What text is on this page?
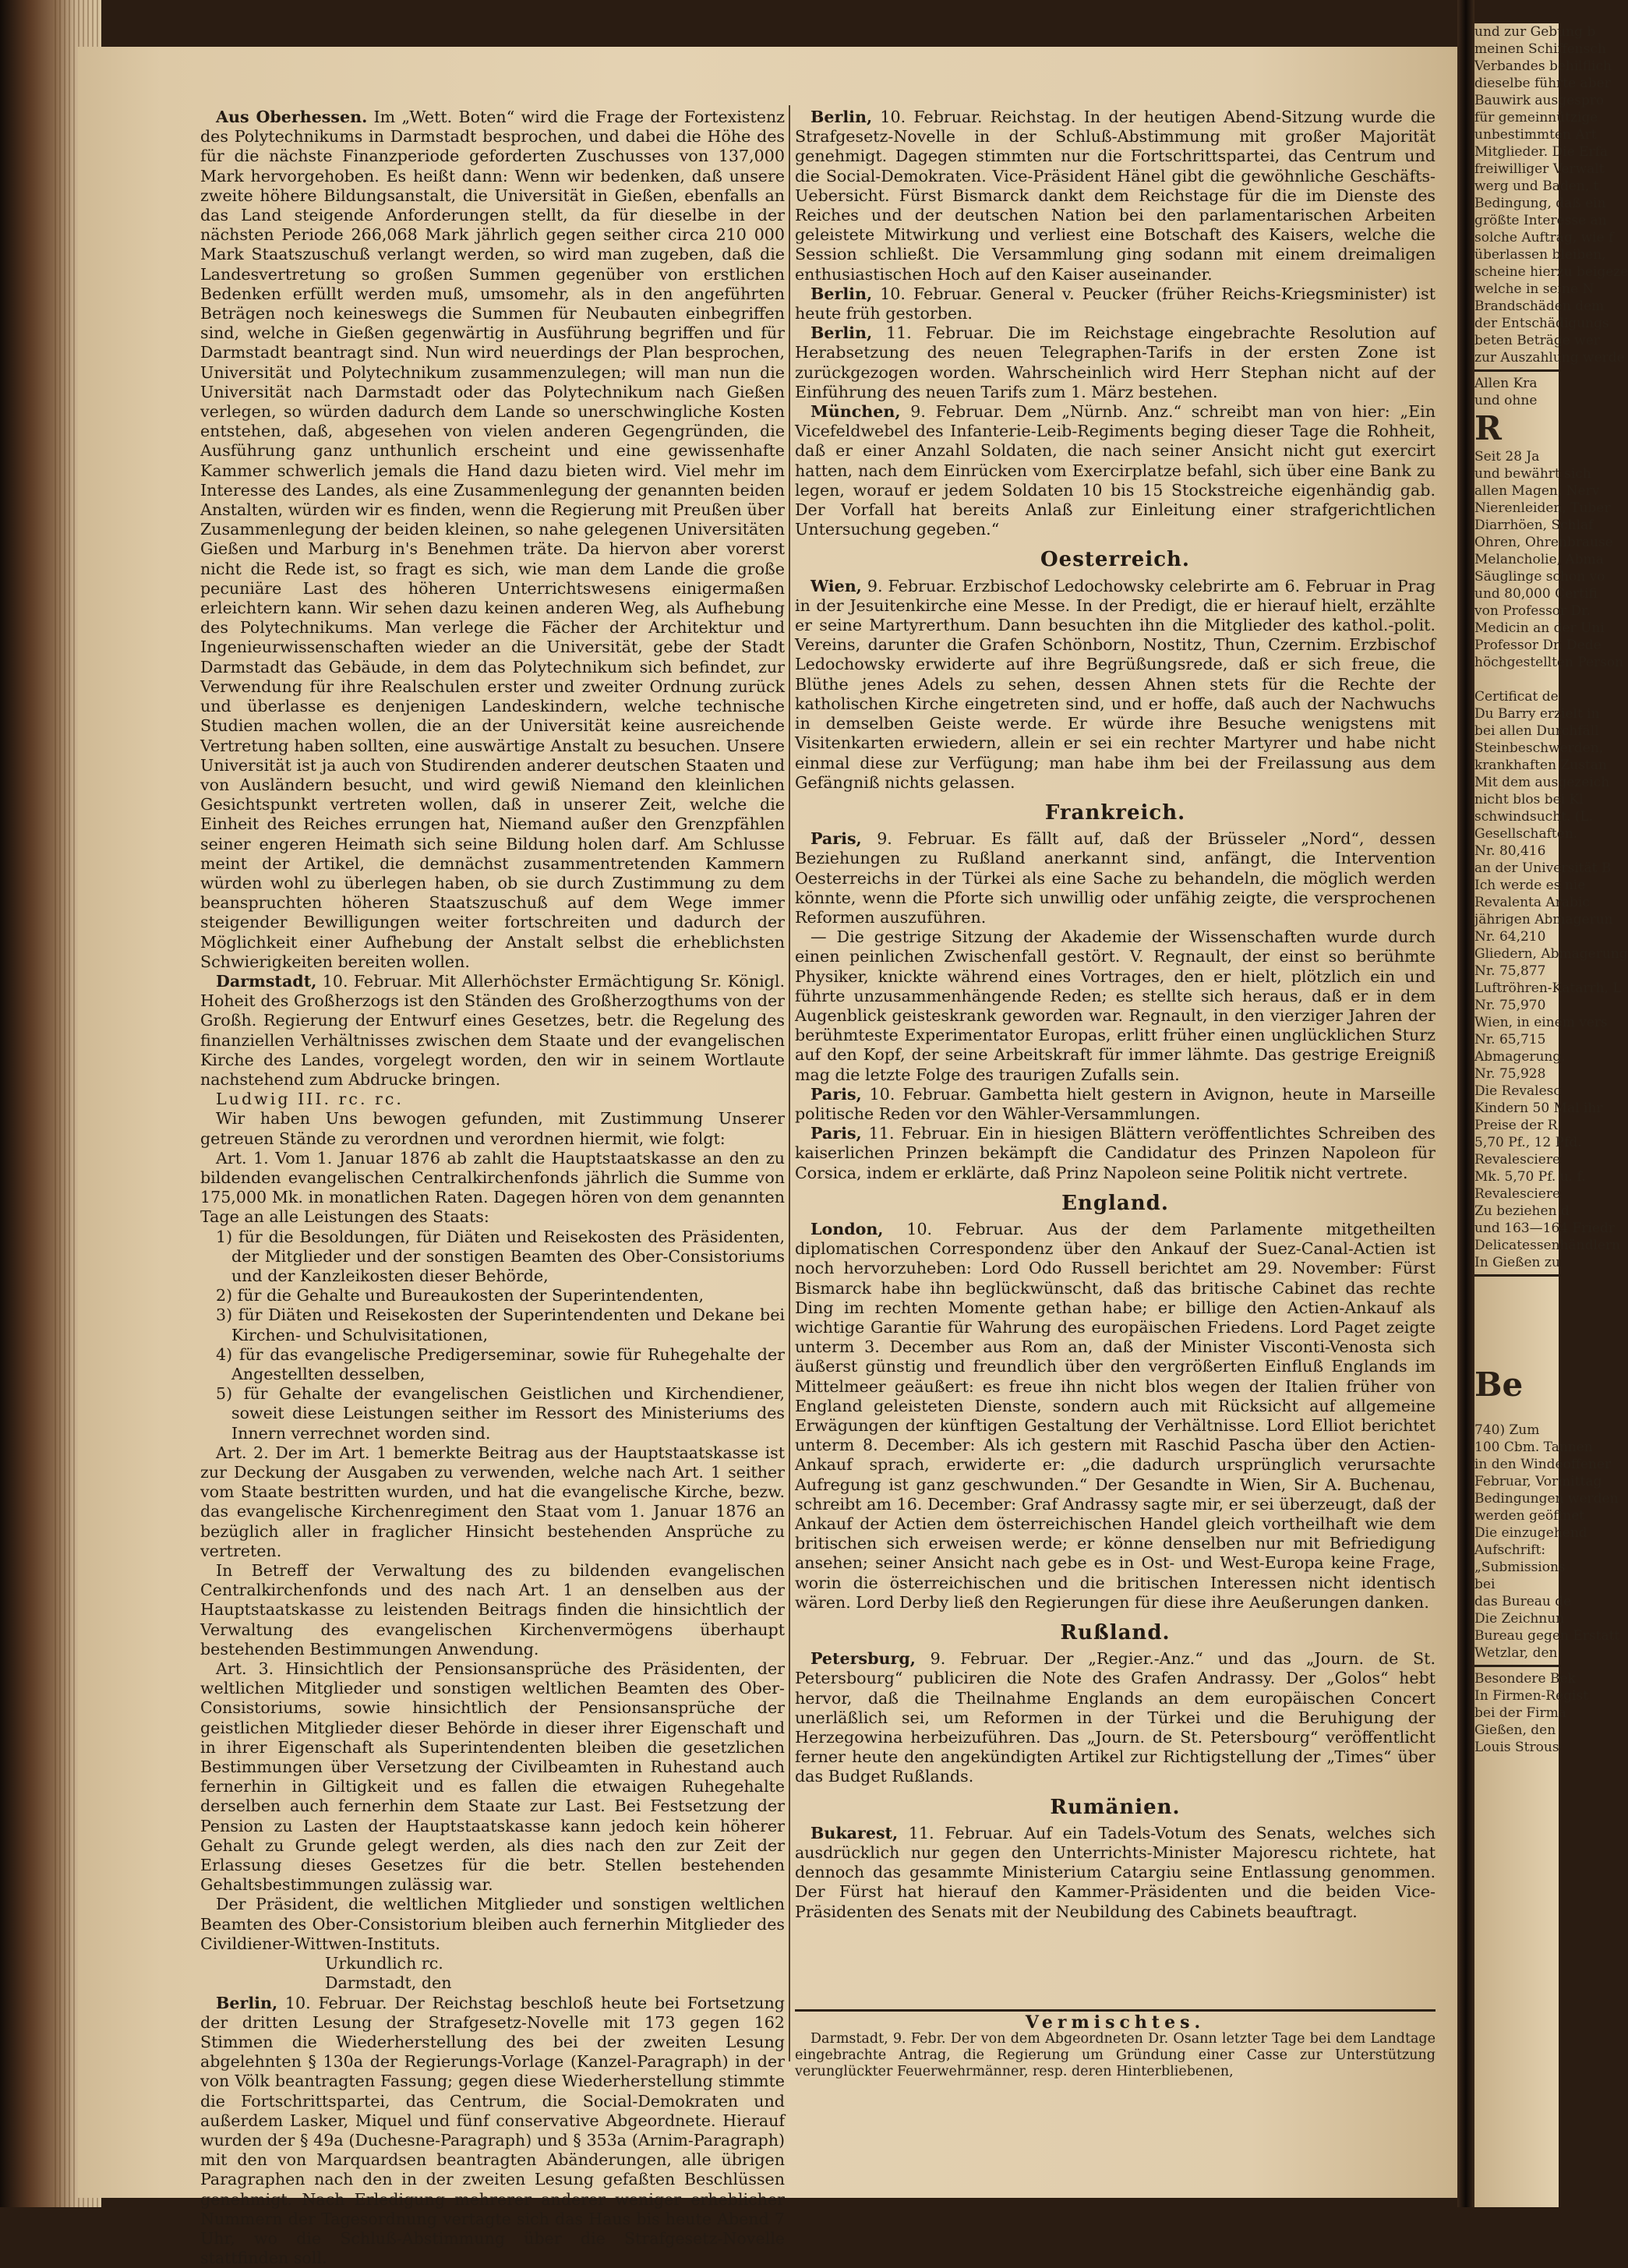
Aus Oberhessen. Im „Wett. Boten“ wird die Frage der Fortexistenz des Polytechnikums in Darmstadt besprochen, und dabei die Höhe des für die nächste Finanzperiode geforderten Zuschusses von 137,000 Mark hervorgehoben. Es heißt dann: Wenn wir bedenken, daß unsere zweite höhere Bildungsanstalt, die Universität in Gießen, ebenfalls an das Land steigende Anforderungen stellt, da für dieselbe in der nächsten Periode 266,068 Mark jährlich gegen seither circa 210 000 Mark Staatszuschuß verlangt werden, so wird man zugeben, daß die Landesvertretung so großen Summen gegenüber von erstlichen Bedenken erfüllt werden muß, umsomehr, als in den angeführten Beträgen noch keineswegs die Summen für Neubauten einbegriffen sind, welche in Gießen gegenwärtig in Ausführung begriffen und für Darmstadt beantragt sind. Nun wird neuerdings der Plan besprochen, Universität und Polytechnikum zusammenzulegen; will man nun die Universität nach Darmstadt oder das Polytechnikum nach Gießen verlegen, so würden dadurch dem Lande so unerschwingliche Kosten entstehen, daß, abgesehen von vielen anderen Gegengründen, die Ausführung ganz unthunlich erscheint und eine gewissenhafte Kammer schwerlich jemals die Hand dazu bieten wird. Viel mehr im Interesse des Landes, als eine Zusammenlegung der genannten beiden Anstalten, würden wir es finden, wenn die Regierung mit Preußen über Zusammenlegung der beiden kleinen, so nahe gelegenen Universitäten Gießen und Marburg in's Benehmen träte. Da hiervon aber vorerst nicht die Rede ist, so fragt es sich, wie man dem Lande die große pecuniäre Last des höheren Unterrichtswesens einigermaßen erleichtern kann. Wir sehen dazu keinen anderen Weg, als Aufhebung des Polytechnikums. Man verlege die Fächer der Architektur und Ingenieurwissenschaften wieder an die Universität, gebe der Stadt Darmstadt das Gebäude, in dem das Polytechnikum sich befindet, zur Verwendung für ihre Realschulen erster und zweiter Ordnung zurück und überlasse es denjenigen Landeskindern, welche technische Studien machen wollen, die an der Universität keine ausreichende Vertretung haben sollten, eine auswärtige Anstalt zu besuchen. Unsere Universität ist ja auch von Studirenden anderer deutschen Staaten und von Ausländern besucht, und wird gewiß Niemand den kleinlichen Gesichtspunkt vertreten wollen, daß in unserer Zeit, welche die Einheit des Reiches errungen hat, Niemand außer den Grenzpfählen seiner engeren Heimath sich seine Bildung holen darf. Am Schlusse meint der Artikel, die demnächst zusammentretenden Kammern würden wohl zu überlegen haben, ob sie durch Zustimmung zu dem beanspruchten höheren Staatszuschuß auf dem Wege immer steigender Bewilligungen weiter fortschreiten und dadurch der Möglichkeit einer Aufhebung der Anstalt selbst die erheblichsten Schwierigkeiten bereiten wollen.

Darmstadt, 10. Februar. Mit Allerhöchster Ermächtigung Sr. Königl. Hoheit des Großherzogs ist den Ständen des Großherzogthums von der Großh. Regierung der Entwurf eines Gesetzes, betr. die Regelung des finanziellen Verhältnisses zwischen dem Staate und der evangelischen Kirche des Landes, vorgelegt worden, den wir in seinem Wortlaute nachstehend zum Abdrucke bringen.

Ludwig III. rc. rc.

Wir haben Uns bewogen gefunden, mit Zustimmung Unserer getreuen Stände zu verordnen und verordnen hiermit, wie folgt:

Art. 1. Vom 1. Januar 1876 ab zahlt die Hauptstaatskasse an den zu bildenden evangelischen Centralkirchenfonds jährlich die Summe von 175,000 Mk. in monatlichen Raten. Dagegen hören von dem genannten Tage an alle Leistungen des Staats:

1) für die Besoldungen, für Diäten und Reisekosten des Präsidenten, der Mitglieder und der sonstigen Beamten des Ober-Consistoriums und der Kanzleikosten dieser Behörde,

2) für die Gehalte und Bureaukosten der Superintendenten,

3) für Diäten und Reisekosten der Superintendenten und Dekane bei Kirchen- und Schulvisitationen,

4) für das evangelische Predigerseminar, sowie für Ruhegehalte der Angestellten desselben,

5) für Gehalte der evangelischen Geistlichen und Kirchendiener, soweit diese Leistungen seither im Ressort des Ministeriums des Innern verrechnet worden sind.

Art. 2. Der im Art. 1 bemerkte Beitrag aus der Hauptstaatskasse ist zur Deckung der Ausgaben zu verwenden, welche nach Art. 1 seither vom Staate bestritten wurden, und hat die evangelische Kirche, bezw. das evangelische Kirchenregiment den Staat vom 1. Januar 1876 an bezüglich aller in fraglicher Hinsicht bestehenden Ansprüche zu vertreten.

In Betreff der Verwaltung des zu bildenden evangelischen Centralkirchenfonds und des nach Art. 1 an denselben aus der Hauptstaatskasse zu leistenden Beitrags finden die hinsichtlich der Verwaltung des evangelischen Kirchenvermögens überhaupt bestehenden Bestimmungen Anwendung.

Art. 3. Hinsichtlich der Pensionsansprüche des Präsidenten, der weltlichen Mitglieder und sonstigen weltlichen Beamten des Ober-Consistoriums, sowie hinsichtlich der Pensionsansprüche der geistlichen Mitglieder dieser Behörde in dieser ihrer Eigenschaft und in ihrer Eigenschaft als Superintendenten bleiben die gesetzlichen Bestimmungen über Versetzung der Civilbeamten in Ruhestand auch fernerhin in Giltigkeit und es fallen die etwaigen Ruhegehalte derselben auch fernerhin dem Staate zur Last. Bei Festsetzung der Pension zu Lasten der Hauptstaatskasse kann jedoch kein höherer Gehalt zu Grunde gelegt werden, als dies nach den zur Zeit der Erlassung dieses Gesetzes für die betr. Stellen bestehenden Gehaltsbestimmungen zulässig war.

Der Präsident, die weltlichen Mitglieder und sonstigen weltlichen Beamten des Ober-Consistorium bleiben auch fernerhin Mitglieder des Civildiener-Wittwen-Instituts.

Urkundlich rc.

Darmstadt, den

Berlin, 10. Februar. Der Reichstag beschloß heute bei Fortsetzung der dritten Lesung der Strafgesetz-Novelle mit 173 gegen 162 Stimmen die Wiederherstellung des bei der zweiten Lesung abgelehnten § 130a der Regierungs-Vorlage (Kanzel-Paragraph) in der von Völk beantragten Fassung; gegen diese Wiederherstellung stimmte die Fortschrittspartei, das Centrum, die Social-Demokraten und außerdem Lasker, Miquel und fünf conservative Abgeordnete. Hierauf wurden der § 49a (Duchesne-Paragraph) und § 353a (Arnim-Paragraph) mit den von Marquardsen beantragten Abänderungen, alle übrigen Paragraphen nach den in der zweiten Lesung gefaßten Beschlüssen genehmigt. Nach Erledigung mehrerer anderer weniger erheblicher Nummern der Tagesordnung vertagte sich das Haus bis heute Abend 7 Uhr, wo die Schluß-Abstimmung über die Strafgesetz-Novelle stattfinden soll.

Berlin, 10. Februar. Reichstag. In der heutigen Abend-Sitzung wurde die Strafgesetz-Novelle in der Schluß-Abstimmung mit großer Majorität genehmigt. Dagegen stimmten nur die Fortschrittspartei, das Centrum und die Social-Demokraten. Vice-Präsident Hänel gibt die gewöhnliche Geschäfts-Uebersicht. Fürst Bismarck dankt dem Reichstage für die im Dienste des Reiches und der deutschen Nation bei den parlamentarischen Arbeiten geleistete Mitwirkung und verliest eine Botschaft des Kaisers, welche die Session schließt. Die Versammlung ging sodann mit einem dreimaligen enthusiastischen Hoch auf den Kaiser auseinander.

Berlin, 10. Februar. General v. Peucker (früher Reichs-Kriegsminister) ist heute früh gestorben.

Berlin, 11. Februar. Die im Reichstage eingebrachte Resolution auf Herabsetzung des neuen Telegraphen-Tarifs in der ersten Zone ist zurückgezogen worden. Wahrscheinlich wird Herr Stephan nicht auf der Einführung des neuen Tarifs zum 1. März bestehen.

München, 9. Februar. Dem „Nürnb. Anz.“ schreibt man von hier: „Ein Vicefeldwebel des Infanterie-Leib-Regiments beging dieser Tage die Rohheit, daß er einer Anzahl Soldaten, die nach seiner Ansicht nicht gut exercirt hatten, nach dem Einrücken vom Exercirplatze befahl, sich über eine Bank zu legen, worauf er jedem Soldaten 10 bis 15 Stockstreiche eigenhändig gab. Der Vorfall hat bereits Anlaß zur Einleitung einer strafgerichtlichen Untersuchung gegeben.“

Oesterreich.

Wien, 9. Februar. Erzbischof Ledochowsky celebrirte am 6. Februar in Prag in der Jesuitenkirche eine Messe. In der Predigt, die er hierauf hielt, erzählte er seine Martyrerthum. Dann besuchten ihn die Mitglieder des kathol.-polit. Vereins, darunter die Grafen Schönborn, Nostitz, Thun, Czernim. Erzbischof Ledochowsky erwiderte auf ihre Begrüßungsrede, daß er sich freue, die Blüthe jenes Adels zu sehen, dessen Ahnen stets für die Rechte der katholischen Kirche eingetreten sind, und er hoffe, daß auch der Nachwuchs in demselben Geiste werde. Er würde ihre Besuche wenigstens mit Visitenkarten erwiedern, allein er sei ein rechter Martyrer und habe nicht einmal diese zur Verfügung; man habe ihm bei der Freilassung aus dem Gefängniß nichts gelassen.

Frankreich.

Paris, 9. Februar. Es fällt auf, daß der Brüsseler „Nord“, dessen Beziehungen zu Rußland anerkannt sind, anfängt, die Intervention Oesterreichs in der Türkei als eine Sache zu behandeln, die möglich werden könnte, wenn die Pforte sich unwillig oder unfähig zeigte, die versprochenen Reformen auszuführen.

— Die gestrige Sitzung der Akademie der Wissenschaften wurde durch einen peinlichen Zwischenfall gestört. V. Regnault, der einst so berühmte Physiker, knickte während eines Vortrages, den er hielt, plötzlich ein und führte unzusammenhängende Reden; es stellte sich heraus, daß er in dem Augenblick geisteskrank geworden war. Regnault, in den vierziger Jahren der berühmteste Experimentator Europas, erlitt früher einen unglücklichen Sturz auf den Kopf, der seine Arbeitskraft für immer lähmte. Das gestrige Ereigniß mag die letzte Folge des traurigen Zufalls sein.

Paris, 10. Februar. Gambetta hielt gestern in Avignon, heute in Marseille politische Reden vor den Wähler-Versammlungen.

Paris, 11. Februar. Ein in hiesigen Blättern veröffentlichtes Schreiben des kaiserlichen Prinzen bekämpft die Candidatur des Prinzen Napoleon für Corsica, indem er erklärte, daß Prinz Napoleon seine Politik nicht vertrete.

England.

London, 10. Februar. Aus der dem Parlamente mitgetheilten diplomatischen Correspondenz über den Ankauf der Suez-Canal-Actien ist noch hervorzuheben: Lord Odo Russell berichtet am 29. November: Fürst Bismarck habe ihn beglückwünscht, daß das britische Cabinet das rechte Ding im rechten Momente gethan habe; er billige den Actien-Ankauf als wichtige Garantie für Wahrung des europäischen Friedens. Lord Paget zeigte unterm 3. December aus Rom an, daß der Minister Visconti-Venosta sich äußerst günstig und freundlich über den vergrößerten Einfluß Englands im Mittelmeer geäußert: es freue ihn nicht blos wegen der Italien früher von England geleisteten Dienste, sondern auch mit Rücksicht auf allgemeine Erwägungen der künftigen Gestaltung der Verhältnisse. Lord Elliot berichtet unterm 8. December: Als ich gestern mit Raschid Pascha über den Actien-Ankauf sprach, erwiderte er: „die dadurch ursprünglich verursachte Aufregung ist ganz geschwunden.“ Der Gesandte in Wien, Sir A. Buchenau, schreibt am 16. December: Graf Andrassy sagte mir, er sei überzeugt, daß der Ankauf der Actien dem österreichischen Handel gleich vortheilhaft wie dem britischen sich erweisen werde; er könne denselben nur mit Befriedigung ansehen; seiner Ansicht nach gebe es in Ost- und West-Europa keine Frage, worin die österreichischen und die britischen Interessen nicht identisch wären. Lord Derby ließ den Regierungen für diese ihre Aeußerungen danken.

Rußland.

Petersburg, 9. Februar. Der „Regier.-Anz.“ und das „Journ. de St. Petersbourg“ publiciren die Note des Grafen Andrassy. Der „Golos“ hebt hervor, daß die Theilnahme Englands an dem europäischen Concert unerläßlich sei, um Reformen in der Türkei und die Beruhigung der Herzegowina herbeizuführen. Das „Journ. de St. Petersbourg“ veröffentlicht ferner heute den angekündigten Artikel zur Richtigstellung der „Times“ über das Budget Rußlands.

Rumänien.

Bukarest, 11. Februar. Auf ein Tadels-Votum des Senats, welches sich ausdrücklich nur gegen den Unterrichts-Minister Majorescu richtete, hat dennoch das gesammte Ministerium Catargiu seine Entlassung genommen. Der Fürst hat hierauf den Kammer-Präsidenten und die beiden Vice-Präsidenten des Senats mit der Neubildung des Cabinets beauftragt.

Vermischtes.

Darmstadt, 9. Febr. Der von dem Abgeordneten Dr. Osann letzter Tage bei dem Landtage eingebrachte Antrag, die Regierung um Gründung einer Casse zur Unterstützung verunglückter Feuerwehrmänner, resp. deren Hinterbliebenen,

und zur Gebung b
meinen Schiffensch
Verbandes behilflich
dieselbe führte aber
Bauwirk ausgespro
für gemeinnützige
unbestimmten Art
Mitglieder. Die Erfa
freiwilliger Verwalt
werg und Baden, t
Bedingung, daß ein
größte Interesse an
solche Auftrag, wie f
überlassen bleiben,
scheine hierzu beigeze
welche in seine N
Brandschäden dem
der Entschädigungs
beten Beträge wer
zur Auszahlung werde
Allen Kra
und ohne
R
Seit 28 Ja
und bewährt sich
allen Magen, Nerv
Nierenleiden, Tuber
Diarrhöen, Schlaf
Ohren, Ohrenbrause
Melancholie, Abma
Säuglinge schon vo
und 80,000 Certifi
von Professor Dr.
Medicin an der Uni
Professor Dr. Dede
höchgestellten Person

Certificat de
Du Barry erzielt in
bei allen Durchfäll
Steinbeschwerden,
krankhaften Zustan
Mit dem ausgezeich
nicht blos bei Kl
schwindsucht. (L.
Gesellschaften.
Nr. 80,416
an der Universität B
Ich werde es nie
Revalenta Arabic
jährigen Abmagerun
Nr. 64,210
Gliedern, Abmagerung
Nr. 75,877
Luftröhren-Katarrh, L
Nr. 75,970
Wien, in einem vers
Nr. 65,715
Abmagerung.
Nr. 75,928
Die Revalesc
Kindern 50 Mal ihr
Preise der R
5,70 Pf., 12 Pfd.
Revalesciere
Mk. 5,70 Pf. u. f.
Revalesciere
Zu beziehen d
und 163—164 Friedr
Delicatessenhändlern
In Gießen zu

Be

740) Zum
100 Cbm. Tannen
in den Windeoffener
Februar, Vormittag
Bedingungen werden
werden geöffnet
Die einzugehend
Aufschrift:
„Submissions
bei
das Bureau de
Die Zeichnun
Bureau gegen Erstatt
Wetzlar, den
Besondere Bek
In Firmen-Regist
bei der Firma
Gießen, den
Louis Strous
